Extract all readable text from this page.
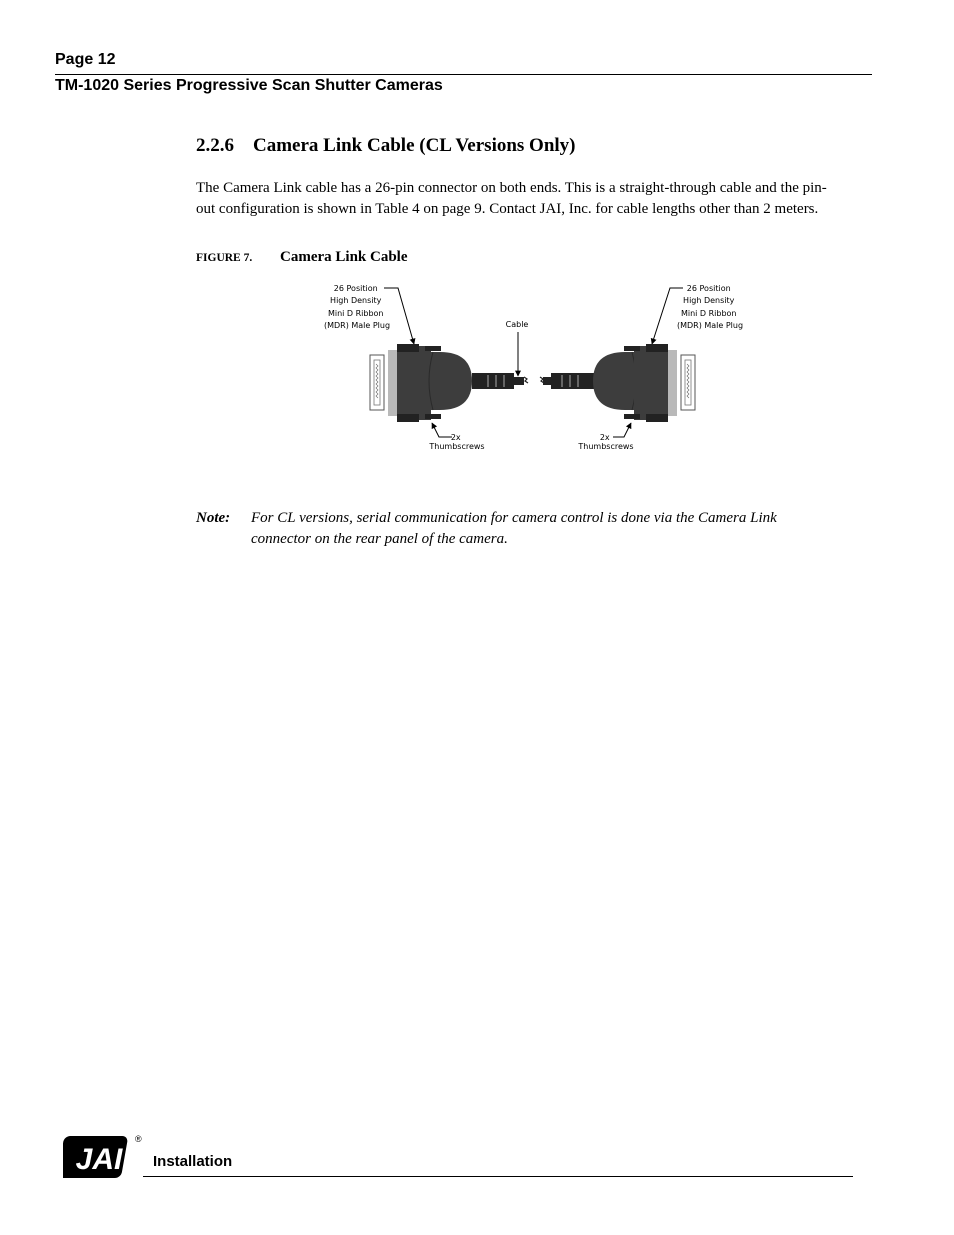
Page 12
TM-1020 Series Progressive Scan Shutter Cameras
2.2.6 Camera Link Cable (CL Versions Only)
The Camera Link cable has a 26-pin connector on both ends. This is a straight-through cable and the pin-out configuration is shown in Table 4 on page 9. Contact JAI, Inc. for cable lengths other than 2 meters.
FIGURE 7. Camera Link Cable
26 Position High Density Mini D Ribbon (MDR) Male Plug
26 Position High Density Mini D Ribbon (MDR) Male Plug
Cable
2x Thumbscrews
2x Thumbscrews
Note: For CL versions, serial communication for camera control is done via the Camera Link connector on the rear panel of the camera.
JAI
®
Installation
